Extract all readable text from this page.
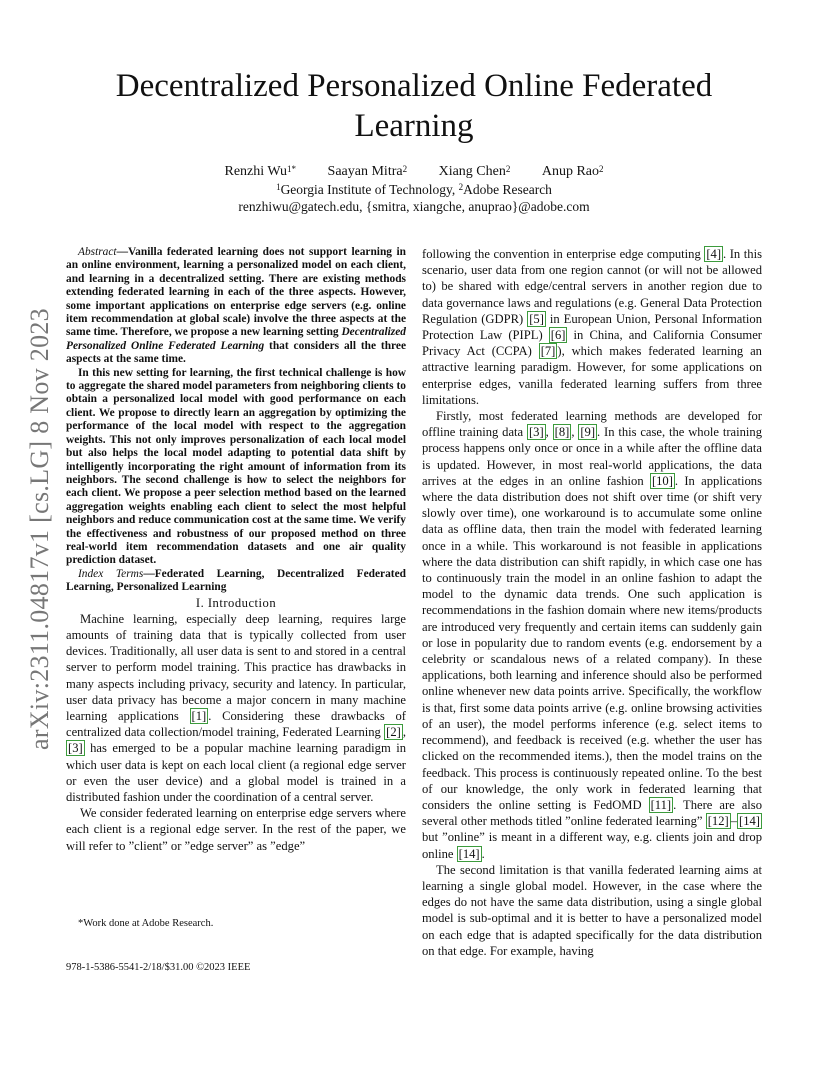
arXiv:2311.04817v1 [cs.LG] 8 Nov 2023
Decentralized Personalized Online Federated Learning
Renzhi $Wu^{1*}$ Saayan Mitra$^2$ Xiang Chen$^2$ Anup Rao$^2$
$^1$Georgia Institute of Technology, $^2$Adobe Research
renzhiwu@gatech.edu, {smitra, xiangche, anuprao}@adobe.com

Abstract—Vanilla federated learning does not support learning in an online environment, learning a personalized model on each client, and learning in a decentralized setting. There are existing methods extending federated learning in each of the three aspects. However, some important applications on enterprise edge servers (e.g. online item recommendation at global scale) involve the three aspects at the same time. Therefore, we propose a new learning setting Decentralized Personalized Online Federated Learning that considers all the three aspects at the same time.

In this new setting for learning, the first technical challenge is how to aggregate the shared model parameters from neighboring clients to obtain a personalized local model with good performance on each client. We propose to directly learn an aggregation by optimizing the performance of the local model with respect to the aggregation weights. This not only improves personalization of each local model but also helps the local model adapting to potential data shift by intelligently incorporating the right amount of information from its neighbors. The second challenge is how to select the neighbors for each client. We propose a peer selection method based on the learned aggregation weights enabling each client to select the most helpful neighbors and reduce communication cost at the same time. We verify the effectiveness and robustness of our proposed method on three real-world item recommendation datasets and one air quality prediction dataset.

Index Terms—Federated Learning, Decentralized Federated Learning, Personalized Learning

I. Introduction

Machine learning, especially deep learning, requires large amounts of training data that is typically collected from user devices. Traditionally, all user data is sent to and stored in a central server to perform model training. This practice has drawbacks in many aspects including privacy, security and latency. In particular, user data privacy has become a major concern in many machine learning applications [1] . Considering these drawbacks of centralized data collection/model training, Federated Learning [2] , [3] has emerged to be a popular machine learning paradigm in which user data is kept on each local client (a regional edge server or even the user device) and a global model is trained in a distributed fashion under the coordination of a central server.

We consider federated learning on enterprise edge servers where each client is a regional edge server. In the rest of the paper, we will refer to ”client” or ”edge server” as ”edge”

following the convention in enterprise edge computing [4] . In this scenario, user data from one region cannot (or will not be allowed to) be shared with edge/central servers in another region due to data governance laws and regulations (e.g. General Data Protection Regulation (GDPR) [5] in European Union, Personal Information Protection Law (PIPL) [6] in China, and California Consumer Privacy Act (CCPA) [7] ), which makes federated learning an attractive learning paradigm. However, for some applications on enterprise edges, vanilla federated learning suffers from three limitations.

Firstly, most federated learning methods are developed for offline training data [3] , [8] , [9] . In this case, the whole training process happens only once or once in a while after the offline data is updated. However, in most real-world applications, the data arrives at the edges in an online fashion [10] . In applications where the data distribution does not shift over time (or shift very slowly over time), one workaround is to accumulate some online data as offline data, then train the model with federated learning once in a while. This workaround is not feasible in applications where the data distribution can shift rapidly, in which case one has to continuously train the model in an online fashion to adapt the model to the dynamic data trends. One such application is recommendations in the fashion domain where new items/products are introduced very frequently and certain items can suddenly gain or lose in popularity due to random events (e.g. endorsement by a celebrity or scandalous news of a related company). In these applications, both learning and inference should also be performed online whenever new data points arrive. Specifically, the workflow is that, first some data points arrive (e.g. online browsing activities of an user), the model performs inference (e.g. select items to recommend), and feedback is received (e.g. whether the user has clicked on the recommended items.), then the model trains on the feedback. This process is continuously repeated online. To the best of our knowledge, the only work in federated learning that considers the online setting is FedOMD [11] . There are also several other methods titled ”online federated learning” [12] – [14] but ”online” is meant in a different way, e.g. clients join and drop online [14] .

The second limitation is that vanilla federated learning aims at learning a single global model. However, in the case where the edges do not have the same data distribution, using a single global model is sub-optimal and it is better to have a personalized model on each edge that is adapted specifically for the data distribution on that edge. For example, having

*Work done at Adobe Research.
978-1-5386-5541-2/18/$31.00 ©2023 IEEE
